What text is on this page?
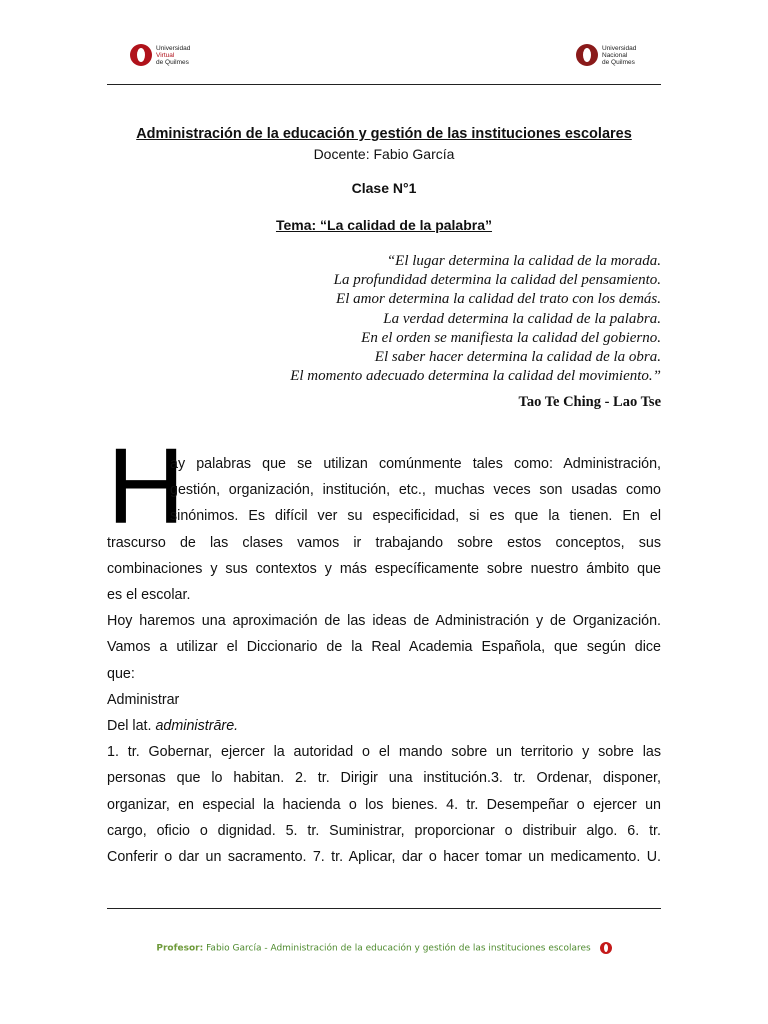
Universidad
Virtual
de Quilmes
Universidad
Nacional
de Quilmes
Administración de la educación y gestión de las instituciones escolares
Docente: Fabio García
Clase N°1
Tema: “La calidad de la palabra”
“El lugar determina la calidad de la morada.
La profundidad determina la calidad del pensamiento.
El amor determina la calidad del trato con los demás.
La verdad determina la calidad de la palabra.
En el orden se manifiesta la calidad del gobierno.
El saber hacer determina la calidad de la obra.
El momento adecuado determina la calidad del movimiento.”
Tao Te Ching - Lao Tse
H
ay palabras que se utilizan comúnmente tales como: Administración,
gestión, organización, institución, etc., muchas veces son usadas como
sinónimos. Es difícil ver su especificidad, si es que la tienen. En el
trascurso de las clases vamos ir trabajando sobre estos conceptos, sus
combinaciones y sus contextos y más específicamente sobre nuestro ámbito que
es el escolar.
Hoy haremos una aproximación de las ideas de Administración y de Organización.
Vamos a utilizar el Diccionario de la Real Academia Española, que según dice
que:
Administrar
Del lat. administrāre.
1. tr. Gobernar, ejercer la autoridad o el mando sobre un territorio y sobre las
personas que lo habitan. 2. tr. Dirigir una institución.3. tr. Ordenar, disponer,
organizar, en especial la hacienda o los bienes. 4. tr. Desempeñar o ejercer un
cargo, oficio o dignidad. 5. tr. Suministrar, proporcionar o distribuir algo. 6. tr.
Conferir o dar un sacramento. 7. tr. Aplicar, dar o hacer tomar un medicamento. U.
Profesor: Fabio García - Administración de la educación y gestión de las instituciones escolares
